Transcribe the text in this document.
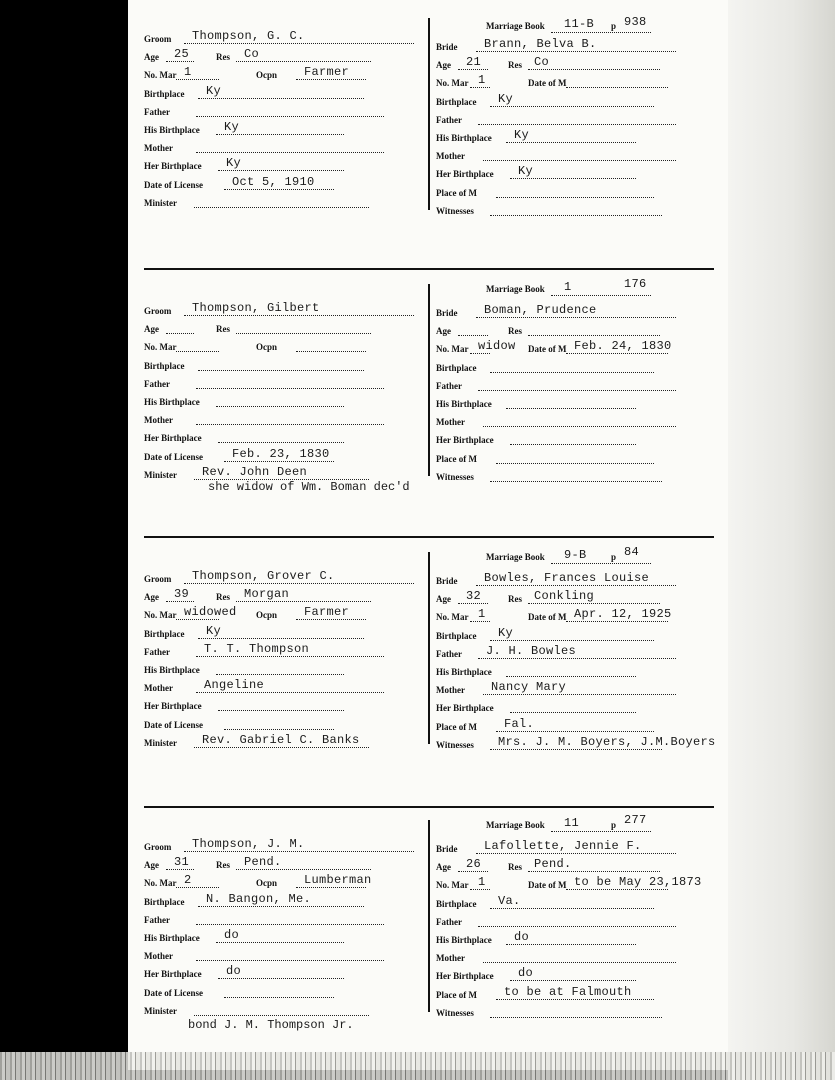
Groom Thompson, G. C.
Age 25	Res Co
No. Mar 1	Ocpn Farmer
Birthplace Ky
Father
His Birthplace Ky
Mother
Her Birthplace Ky
Date of License Oct 5, 1910
Minister
Marriage Book 11-B p 938
Bride Brann, Belva B.
Age 21	Res Co
No. Mar 1	Date of M
Birthplace Ky
Father
His Birthplace Ky
Mother
Her Birthplace Ky
Place of M
Witnesses
Groom Thompson, Gilbert
Age	Res
No. Mar	Ocpn
Birthplace
Father
His Birthplace
Mother
Her Birthplace
Date of License Feb. 23, 1830
Minister Rev. John Deen
Marriage Book 1	176
Bride Boman, Prudence
Age	Res
No. Mar widow Date of M Feb. 24, 1830
Birthplace
Father
His Birthplace
Mother
Her Birthplace
Place of M
Witnesses
she widow of Wm. Boman dec'd
Groom Thompson, Grover C.
Age 39	Res Morgan
No. Mar widowed Ocpn Farmer
Birthplace Ky
Father	T. T. Thompson
His Birthplace
Mother	Angeline
Her Birthplace
Date of License
Minister Rev. Gabriel C. Banks
Marriage Book 9-B	p 84
Bride Bowles, Frances Louise
Age 32	Res Conkling
No. Mar 1	Date of M Apr. 12, 1925
Birthplace Ky
Father J. H. Bowles
His Birthplace
Mother Nancy Mary
Her Birthplace
Place of M Fal.
Witnesses Mrs. J. M. Boyers, J.M.Boyers
Groom Thompson, J. M.
Age 31	Res Pend.
No. Mar 2	Ocpn Lumberman
Birthplace N. Bangon, Me.
Father
His Birthplace do
Mother
Her Birthplace do
Date of License
Minister
Marriage Book 11	p 277
Bride Lafollette, Jennie F.
Age 26	Res Pend.
No. Mar 1	Date of M to be May 23,1873
Birthplace Va.
Father
His Birthplace do
Mother
Her Birthplace do
Place of M to be at Falmouth
Witnesses
bond J. M. Thompson Jr.
